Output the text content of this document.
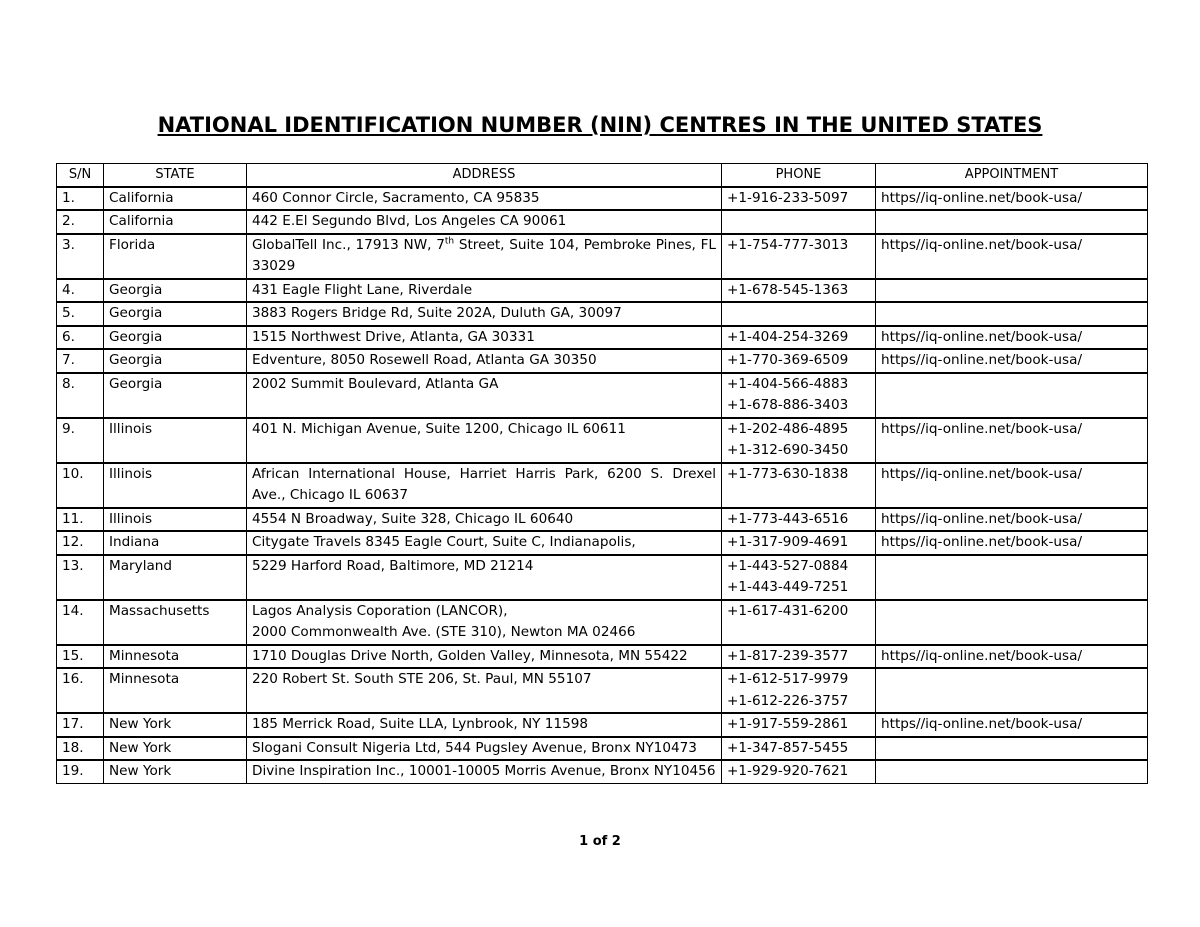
NATIONAL IDENTIFICATION NUMBER (NIN) CENTRES IN THE UNITED STATES
S/N	STATE	ADDRESS	PHONE	APPOINTMENT
1.	California	460 Connor Circle, Sacramento, CA 95835	+1-916-233-5097	https//iq-online.net/book-usa/
2.	California	442 E.El Segundo Blvd, Los Angeles CA 90061		
3.	Florida	GlobalTell Inc., 17913 NW, 7th Street, Suite 104, Pembroke Pines, FL 33029	+1-754-777-3013	https//iq-online.net/book-usa/
4.	Georgia	431 Eagle Flight Lane, Riverdale	+1-678-545-1363	

5.	Georgia	3883 Rogers Bridge Rd, Suite 202A, Duluth GA, 30097		
6.	Georgia	1515 Northwest Drive, Atlanta, GA 30331	+1-404-254-3269	https//iq-online.net/book-usa/
7.	Georgia	Edventure, 8050 Rosewell Road, Atlanta GA 30350	+1-770-369-6509	https//iq-online.net/book-usa/
8.	Georgia	2002 Summit Boulevard, Atlanta GA	+1-404-566-4883
+1-678-886-3403	

9.	Illinois	401 N. Michigan Avenue, Suite 1200, Chicago IL 60611	+1-202-486-4895
+1-312-690-3450	https//iq-online.net/book-usa/
10.	Illinois	African International House, Harriet Harris Park, 6200 S. Drexel Ave., Chicago IL 60637	+1-773-630-1838	https//iq-online.net/book-usa/
11.	Illinois	4554 N Broadway, Suite 328, Chicago IL 60640	+1-773-443-6516	https//iq-online.net/book-usa/
12.	Indiana	Citygate Travels 8345 Eagle Court, Suite C, Indianapolis,	+1-317-909-4691	https//iq-online.net/book-usa/
13.	Maryland	5229 Harford Road, Baltimore, MD 21214	+1-443-527-0884
+1-443-449-7251	

14.	Massachusetts	Lagos Analysis Coporation (LANCOR),
2000 Commonwealth Ave. (STE 310), Newton MA 02466	+1-617-431-6200	

15.	Minnesota	1710 Douglas Drive North, Golden Valley, Minnesota, MN 55422	+1-817-239-3577	https//iq-online.net/book-usa/
16.	Minnesota	220 Robert St. South STE 206, St. Paul, MN 55107	+1-612-517-9979
+1-612-226-3757	

17.	New York	185 Merrick Road, Suite LLA, Lynbrook, NY 11598	+1-917-559-2861	https//iq-online.net/book-usa/
18.	New York	Slogani Consult Nigeria Ltd, 544 Pugsley Avenue, Bronx NY10473	+1-347-857-5455	

19.	New York	Divine Inspiration Inc., 10001-10005 Morris Avenue, Bronx NY10456	+1-929-920-7621	

1 of 2
